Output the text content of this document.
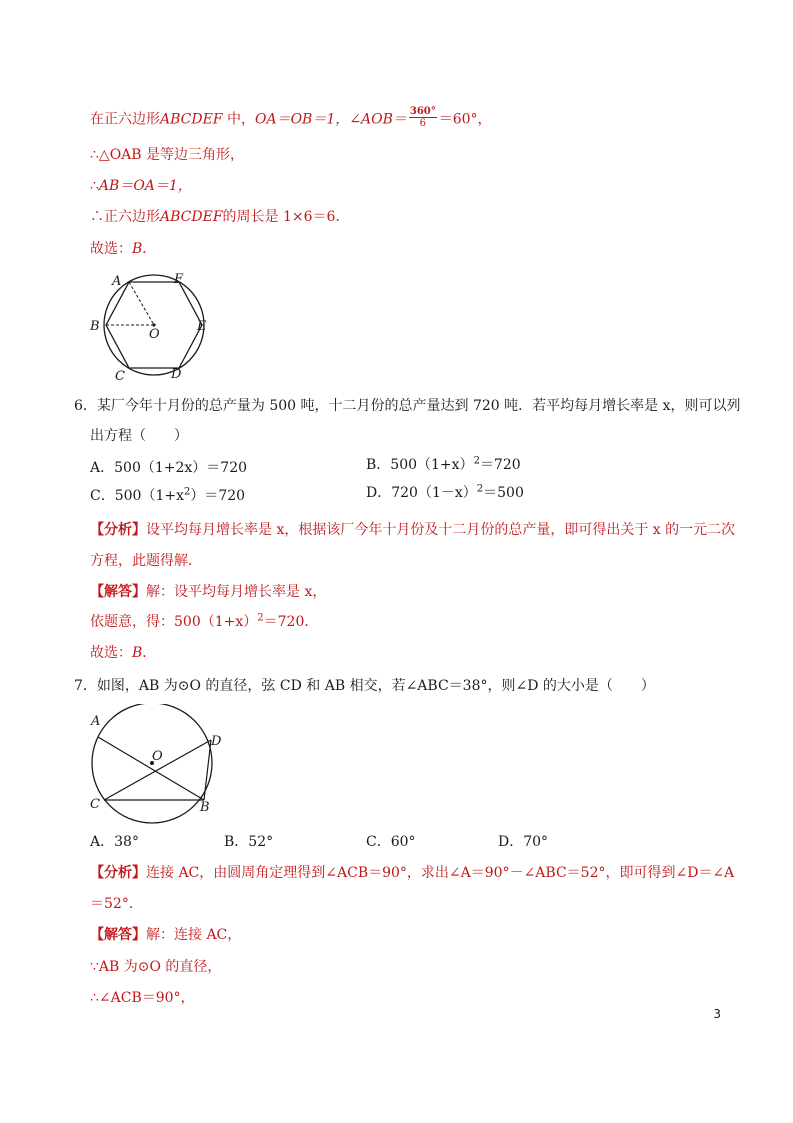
在正六边形ABCDEF 中，OA＝OB＝1，∠AOB＝ $\frac{360^\circ}{6} =60^\circ$，
∴△OAB 是等边三角形，
∴AB＝OA＝1，
∴正六边形ABCDEF的周长是 1×6＝6．
故选：B．
A	F
B
O
E
C	D
6．某厂今年十月份的总产量为 500 吨，十二月份的总产量达到 720 吨．若平均每月增长率是 x，则可以列
出方程（　　）
A．500（1+2x）＝720	B．$500(1+x)^2=720$
C．$500(1+x^2)=720$	D．$720(1-x)^2=500$
【分析】设平均每月增长率是 x，根据该厂今年十月份及十二月份的总产量，即可得出关于 x 的一元二次
方程，此题得解．
【解答】解：设平均每月增长率是 x，
依题意，得：$500(1+x)^2=720$．
故选：B．
7．如图，AB 为⊙O 的直径，弦 CD 和 AB 相交，若∠ABC＝38°，则∠D 的大小是（　　）
A
O
D
C	B
A．38°	B．52°	C．60°	D．70°
【分析】连接 AC，由圆周角定理得到∠ACB＝90°，求出∠A＝90°－∠ABC＝52°，即可得到∠D＝∠A
＝52°．
【解答】解：连接 AC，
∵AB 为⊙O 的直径，
∴∠ACB＝90°，
3
